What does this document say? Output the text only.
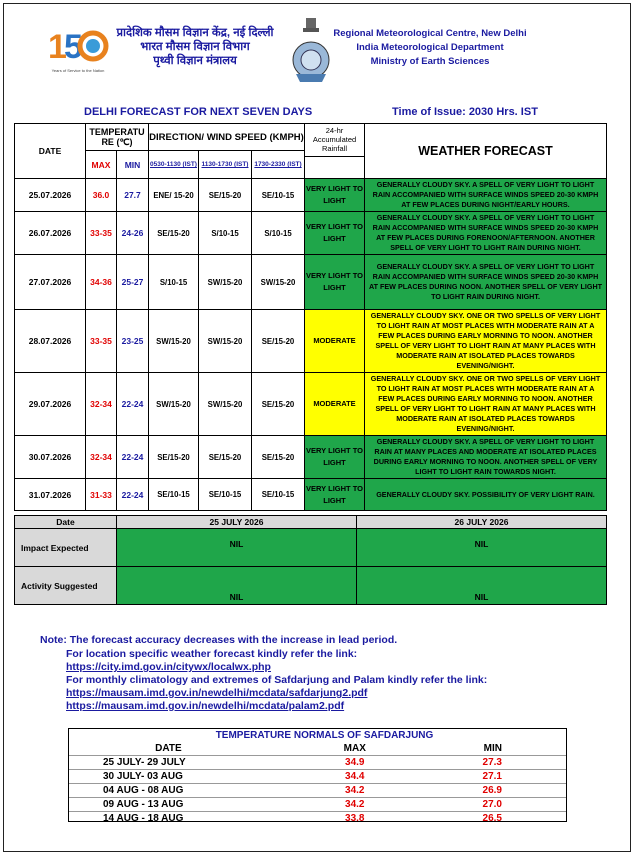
1
5
Years of Service to the Nation
प्रादेशिक मौसम विज्ञान केंद्र, नई दिल्ली
भारत मौसम विज्ञान विभाग
पृथ्वी विज्ञान मंत्रालय
Regional Meteorological Centre, New Delhi
India Meteorological Department
Ministry of Earth Sciences
DELHI FORECAST FOR NEXT SEVEN DAYS	Time of Issue: 2030 Hrs. IST
DATE	TEMPERATU RE (℃)		DIRECTION/ WIND SPEED (KMPH)			24-hr Accumulated Rainfall	WEATHER FORECAST
	MAX	MIN	0530-1130 (IST)	1130-1730 (IST)	1730-2330 (IST)		

25.07.2026	36.0	27.7	ENE/ 15-20	SE/15-20	SE/10-15	VERY LIGHT TO LIGHT	GENERALLY CLOUDY SKY. A SPELL OF VERY LIGHT TO LIGHT RAIN ACCOMPANIED WITH SURFACE WINDS SPEED 20-30 KMPH AT FEW PLACES DURING NIGHT/EARLY HOURS.
26.07.2026	33-35	24-26	SE/15-20	S/10-15	S/10-15	VERY LIGHT TO LIGHT	GENERALLY CLOUDY SKY. A SPELL OF VERY LIGHT TO LIGHT RAIN ACCOMPANIED WITH SURFACE WINDS SPEED 20-30 KMPH AT FEW PLACES DURING FORENOON/AFTERNOON. ANOTHER SPELL OF VERY LIGHT TO LIGHT RAIN DURING NIGHT.
27.07.2026	34-36	25-27	S/10-15	SW/15-20	SW/15-20	VERY LIGHT TO LIGHT	GENERALLY CLOUDY SKY. A SPELL OF VERY LIGHT TO LIGHT RAIN ACCOMPANIED WITH SURFACE WINDS SPEED 20-30 KMPH AT FEW PLACES DURING NOON. ANOTHER SPELL OF VERY LIGHT TO LIGHT RAIN DURING NIGHT.
28.07.2026	33-35	23-25	SW/15-20	SW/15-20	SE/15-20	MODERATE	GENERALLY CLOUDY SKY. ONE OR TWO SPELLS OF VERY LIGHT TO LIGHT RAIN AT MOST PLACES WITH MODERATE RAIN AT A FEW PLACES DURING EARLY MORNING TO NOON. ANOTHER SPELL OF VERY LIGHT TO LIGHT RAIN AT MANY PLACES WITH MODERATE RAIN AT ISOLATED PLACES TOWARDS EVENING/NIGHT.
29.07.2026	32-34	22-24	SW/15-20	SW/15-20	SE/15-20	MODERATE	GENERALLY CLOUDY SKY. ONE OR TWO SPELLS OF VERY LIGHT TO LIGHT RAIN AT MOST PLACES WITH MODERATE RAIN AT A FEW PLACES DURING EARLY MORNING TO NOON. ANOTHER SPELL OF VERY LIGHT TO LIGHT RAIN AT MANY PLACES WITH MODERATE RAIN AT ISOLATED PLACES TOWARDS EVENING/NIGHT.
30.07.2026	32-34	22-24	SE/15-20	SE/15-20	SE/15-20	VERY LIGHT TO LIGHT	GENERALLY CLOUDY SKY. A SPELL OF VERY LIGHT TO LIGHT RAIN AT MANY PLACES AND MODERATE AT ISOLATED PLACES DURING EARLY MORNING TO NOON. ANOTHER SPELL OF VERY LIGHT TO LIGHT RAIN TOWARDS NIGHT.
31.07.2026	31-33	22-24	SE/10-15	SE/10-15	SE/10-15	VERY LIGHT TO LIGHT	GENERALLY CLOUDY SKY. POSSIBILITY OF VERY LIGHT RAIN.
Date	25 JULY 2026	26 JULY 2026
Impact Expected	NIL	NIL
Activity Suggested	NIL	NIL
Note: The forecast accuracy decreases with the increase in lead period.
For location specific weather forecast kindly refer the link:
https://city.imd.gov.in/citywx/localwx.php
For monthly climatology and extremes of Safdarjung and Palam kindly refer the link:
https://mausam.imd.gov.in/newdelhi/mcdata/safdarjung2.pdf
https://mausam.imd.gov.in/newdelhi/mcdata/palam2.pdf
TEMPERATURE NORMALS OF SAFDARJUNG
DATE	MAX	MIN
25 JULY- 29 JULY	34.9	27.3
30 JULY- 03 AUG	34.4	27.1
04 AUG - 08 AUG	34.2	26.9
09 AUG - 13 AUG	34.2	27.0
14 AUG - 18 AUG	33.8	26.5
